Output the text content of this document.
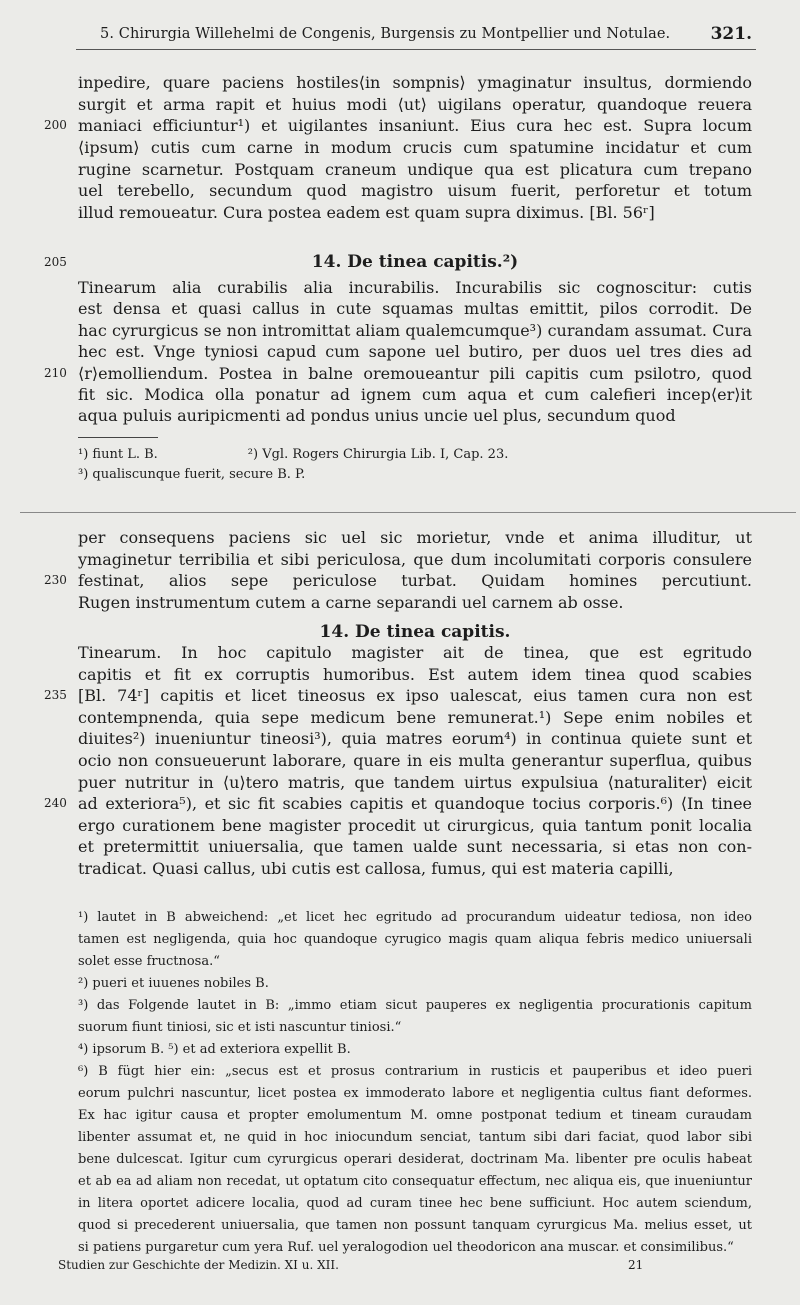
5. Chirurgia Willehelmi de Congenis, Burgensis zu Montpellier und Notulae. 321.
inpedire, quare paciens hostiles⟨in sompnis⟩ ymaginatur insultus, dormiendo
surgit et arma rapit et huius modi ⟨ut⟩ uigilans operatur, quandoque reuera
200 maniaci efficiuntur¹) et uigilantes insaniunt. Eius cura hec est. Supra locum
⟨ipsum⟩ cutis cum carne in modum crucis cum spatumine incidatur et cum
rugine scarnetur. Postquam craneum undique qua est plicatura cum trepano
uel terebello, secundum quod magistro uisum fuerit, perforetur et totum
illud remoueatur. Cura postea eadem est quam supra diximus. [Bl. 56ʳ]
205	14. De tinea capitis.²)
Tinearum alia curabilis alia incurabilis. Incurabilis sic cognoscitur: cutis
est densa et quasi callus in cute squamas multas emittit, pilos corrodit. De
hac cyrurgicus se non intromittat aliam qualemcumque³) curandam assumat. Cura
hec est. Vnge tyniosi capud cum sapone uel butiro, per duos uel tres dies ad
210 ⟨r⟩emolliendum. Postea in balne oremoueantur pili capitis cum psilotro, quod
fit sic. Modica olla ponatur ad ignem cum aqua et cum calefieri incep⟨er⟩it
aqua puluis auripicmenti ad pondus unius uncie uel plus, secundum quod
¹) fiunt L. B.	²) Vgl. Rogers Chirurgia Lib. I, Cap. 23.
³) qualiscunque fuerit, secure B. P.
per consequens paciens sic uel sic morietur, vnde et anima illuditur, ut
ymaginetur terribilia et sibi periculosa, que dum incolumitati corporis consulere
230 festinat, alios sepe periculose turbat. Quidam homines percutiunt.
Rugen instrumentum cutem a carne separandi uel carnem ab osse.
14. De tinea capitis.
Tinearum. In hoc capitulo magister ait de tinea, que est egritudo
capitis et fit ex corruptis humoribus. Est autem idem tinea quod scabies
235 [Bl. 74ʳ] capitis et licet tineosus ex ipso ualescat, eius tamen cura non est
contempnenda, quia sepe medicum bene remunerat.¹) Sepe enim nobiles et
diuites²) inueniuntur tineosi³), quia matres eorum⁴) in continua quiete sunt et
ocio non consueuerunt laborare, quare in eis multa generantur superflua, quibus
puer nutritur in ⟨u⟩tero matris, que tandem uirtus expulsiua ⟨naturaliter⟩ eicit
240 ad exteriora⁵), et sic fit scabies capitis et quandoque tocius corporis.⁶) ⟨In tinee
ergo curationem bene magister procedit ut cirurgicus, quia tantum ponit localia
et pretermittit uniuersalia, que tamen ualde sunt necessaria, si etas non con-
tradicat. Quasi callus, ubi cutis est callosa, fumus, qui est materia capilli,
¹) lautet in B abweichend: „et licet hec egritudo ad procurandum uideatur tediosa, non ideo
tamen est negligenda, quia hoc quandoque cyrugico magis quam aliqua febris medico uniuersali
solet esse fructnosa.“
²) pueri et iuuenes nobiles B.
³) das Folgende lautet in B: „immo etiam sicut pauperes ex negligentia procurationis capitum
suorum fiunt tiniosi, sic et isti nascuntur tiniosi.“
⁴) ipsorum B. ⁵) et ad exteriora expellit B.
⁶) B fügt hier ein: „secus est et prosus contrarium in rusticis et pauperibus et ideo pueri
eorum pulchri nascuntur, licet postea ex immoderato labore et negligentia cultus fiant deformes.
Ex hac igitur causa et propter emolumentum M. omne postponat tedium et tineam curaudam
libenter assumat et, ne quid in hoc iniocundum senciat, tantum sibi dari faciat, quod labor sibi
bene dulcescat. Igitur cum cyrurgicus operari desiderat, doctrinam Ma. libenter pre oculis habeat
et ab ea ad aliam non recedat, ut optatum cito consequatur effectum, nec aliqua eis, que inueniuntur
in litera oportet adicere localia, quod ad curam tinee hec bene sufficiunt. Hoc autem sciendum,
quod si precederent uniuersalia, que tamen non possunt tanquam cyrurgicus Ma. melius esset, ut
si patiens purgaretur cum yera Ruf. uel yeralogodion uel theodoricon ana muscar. et consimilibus.“
Studien zur Geschichte der Medizin. XI u. XII.	21
